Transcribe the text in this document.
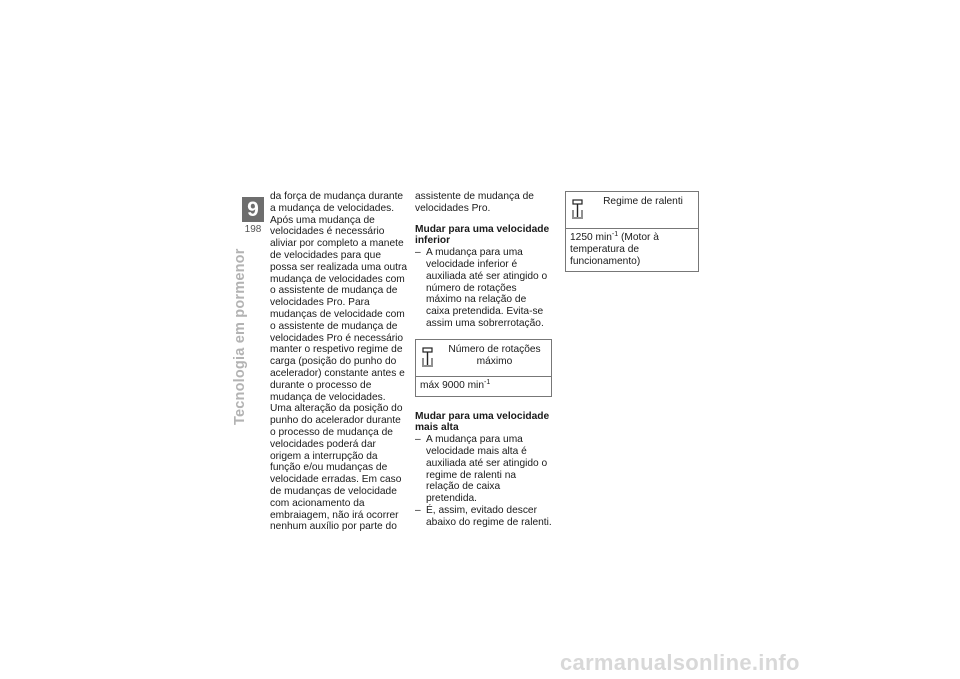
9
198
Tecnologia em pormenor

da força de mudança durante a mudança de velocidades. Após uma mudança de velocidades é necessário aliviar por completo a manete de velocidades para que possa ser realizada uma outra mudança de velocidades com o assistente de mudança de velocidades Pro. Para mudanças de velocidade com o assistente de mudança de velocidades Pro é necessário manter o respetivo regime de carga (posição do punho do acelerador) constante antes e durante o processo de mudança de velocidades. Uma alteração da posição do punho do acelerador durante o processo de mudança de velocidades poderá dar origem a interrupção da função e/ou mudanças de velocidade erradas. Em caso de mudanças de velocidade com acionamento da embraiagem, não irá ocorrer nenhum auxílio por parte do

assistente de mudança de velocidades Pro.

Mudar para uma velocidade inferior
– A mudança para uma velocidade inferior é auxiliada até ser atingido o número de rotações máximo na relação de caixa pretendida. Evita-se assim uma sobrerrotação.
Número de rotações máximo
máx 9000 $\min^{-1}$
Mudar para uma velocidade mais alta
– A mudança para uma velocidade mais alta é auxiliada até ser atingido o regime de ralenti na relação de caixa pretendida.
– É, assim, evitado descer abaixo do regime de ralenti.
Regime de ralenti
1250 $\min^{-1}$ (Motor à temperatura de funcionamento)
carmanualsonline.info
